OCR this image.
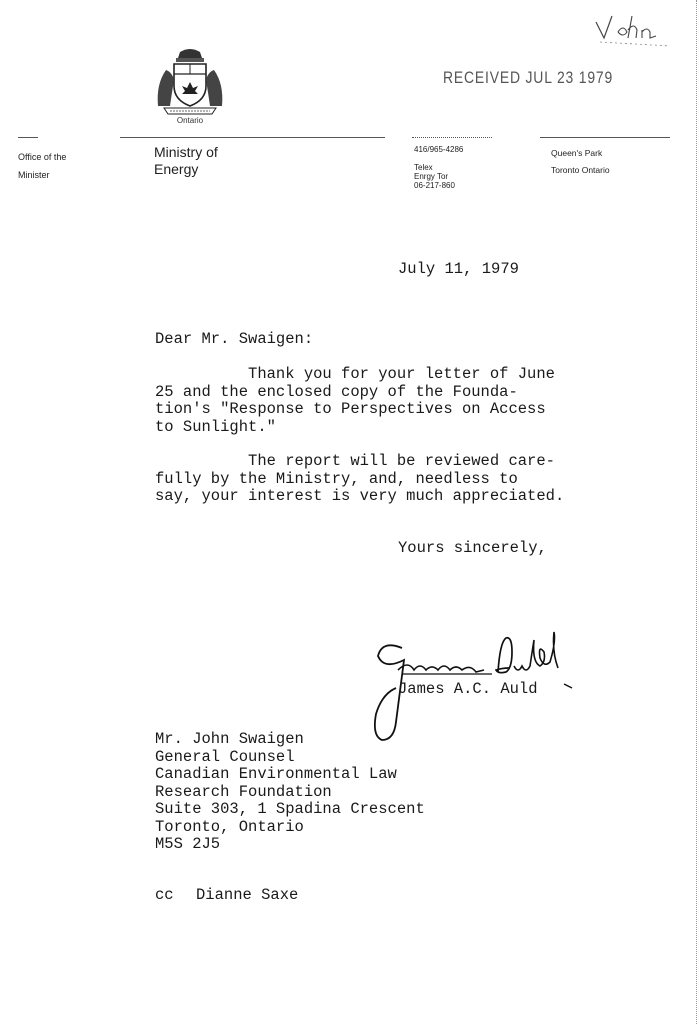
Ontario
RECEIVED JUL 23 1979
Office of the
Minister
Ministry of
Energy
416/965-4286
Telex
Enrgy Tor
06-217-860
Queen's Park
Toronto Ontario
July 11, 1979
Dear Mr. Swaigen:
Thank you for your letter of June
25 and the enclosed copy of the Founda-
tion's "Response to Perspectives on Access
to Sunlight."
The report will be reviewed care-
fully by the Ministry, and, needless to
say, your interest is very much appreciated.
Yours sincerely,
James A.C. Auld
Mr. John Swaigen
General Counsel
Canadian Environmental Law
Research Foundation
Suite 303, 1 Spadina Crescent
Toronto, Ontario
M5S 2J5
cc Dianne Saxe
